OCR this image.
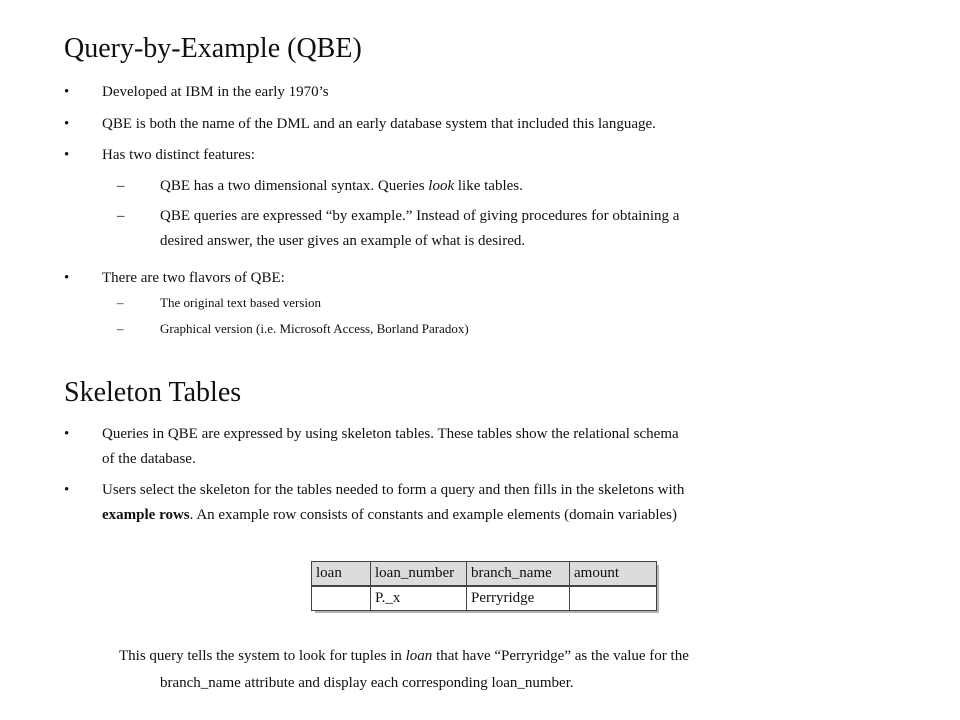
Query-by-Example (QBE)
• Developed at IBM in the early 1970’s
• QBE is both the name of the DML and an early database system that included this language.
• Has two distinct features:
– QBE has a two dimensional syntax. Queries look like tables.
– QBE queries are expressed “by example.” Instead of giving procedures for obtaining a
desired answer, the user gives an example of what is desired.
• There are two flavors of QBE:
–	The original text based version
–	Graphical version (i.e. Microsoft Access, Borland Paradox)
Skeleton Tables
• Queries in QBE are expressed by using skeleton tables. These tables show the relational schema
of the database.
• Users select the skeleton for the tables needed to form a query and then fills in the skeletons with
example rows. An example row consists of constants and example elements (domain variables)
loan	loan_number	branch_name	amount
	P._x	Perryridge	
This query tells the system to look for tuples in loan that have “Perryridge” as the value for the
branch_name attribute and display each corresponding loan_number.
